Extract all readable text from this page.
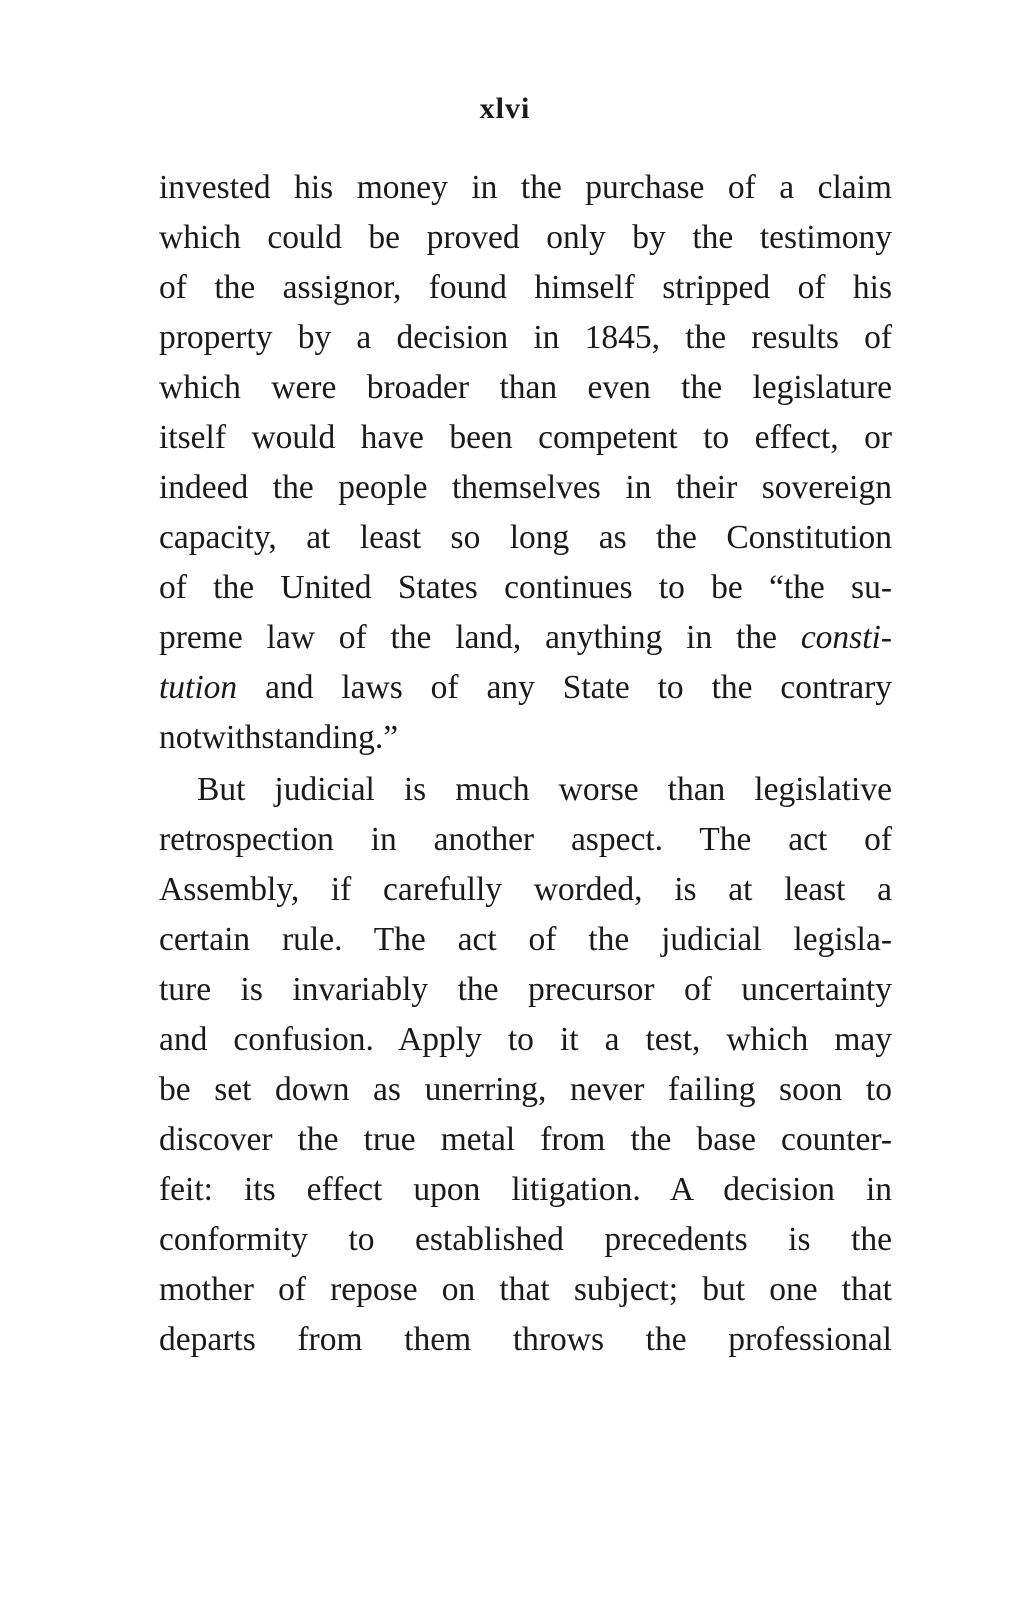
xlvi
invested his money in the purchase of a claim
which could be proved only by the testimony
of the assignor, found himself stripped of his
property by a decision in 1845, the results of
which were broader than even the legislature
itself would have been competent to effect, or
indeed the people themselves in their sovereign
capacity, at least so long as the Constitution
of the United States continues to be “the su-
preme law of the land, anything in the consti-
tution and laws of any State to the contrary
notwithstanding.”
But judicial is much worse than legislative
retrospection in another aspect. The act of
Assembly, if carefully worded, is at least a
certain rule. The act of the judicial legisla-
ture is invariably the precursor of uncertainty
and confusion. Apply to it a test, which may
be set down as unerring, never failing soon to
discover the true metal from the base counter-
feit: its effect upon litigation. A decision in
conformity to established precedents is the
mother of repose on that subject; but one that
departs from them throws the professional
